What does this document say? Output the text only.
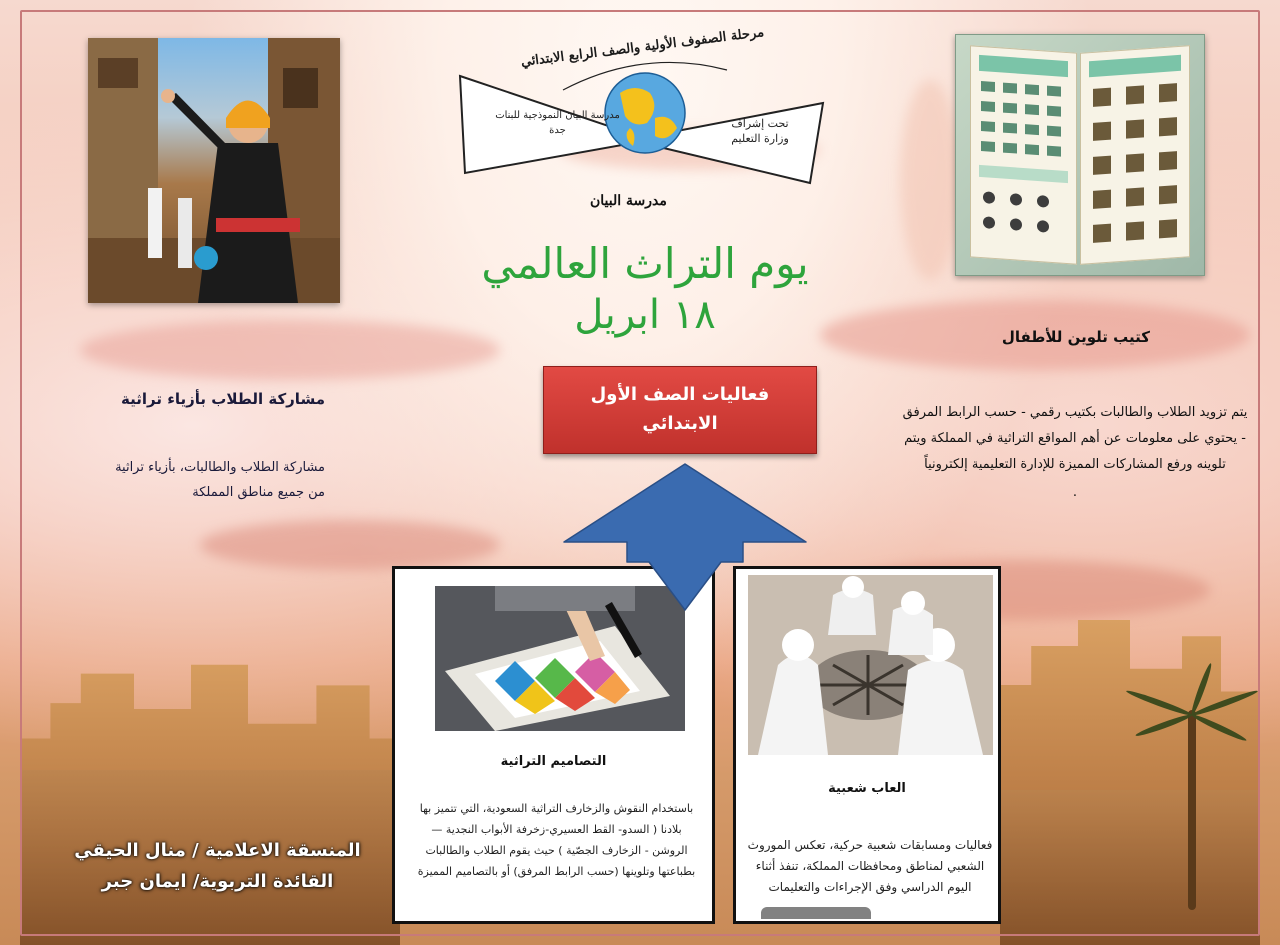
مرحلة الصفوف الأولية والصف الرابع الابتدائي
مدرسة البيان النموذجية للبنات جدة
تحت إشراف وزارة التعليم
مدرسة البيان
يوم التراث العالمي
١٨ ابريل
فعاليات الصف الأول
الابتدائي
مشاركة الطلاب بأزياء تراثية
مشاركة الطلاب والطالبات، بأزياء تراثية من جميع مناطق المملكة
كتيب تلوين للأطفال
يتم تزويد الطلاب والطالبات بكتيب رقمي - حسب الرابط المرفق - يحتوي على معلومات عن أهم المواقع التراثية في المملكة ويتم تلوينه ورفع المشاركات المميزة للإدارة التعليمية إلكترونياً
.
التصاميم التراثية
باستخدام النقوش والزخارف التراثية السعودية، التي تتميز بها بلادنا ( السدو- القط العسيري-زخرفة الأبواب النجدية — الروشن - الزخارف الجصّية ) حيث يقوم الطلاب والطالبات بطباعتها وتلوينها (حسب الرابط المرفق) أو بالتصاميم المميزة
العاب شعبية
فعاليات ومسابقات شعبية حركية، تعكس الموروث الشعبي لمناطق ومحافظات المملكة، تنفذ أثناء اليوم الدراسي وفق الإجراءات والتعليمات
المنسقة الاعلامية / منال الحيقي
القائدة التربوية/ ايمان جبر
